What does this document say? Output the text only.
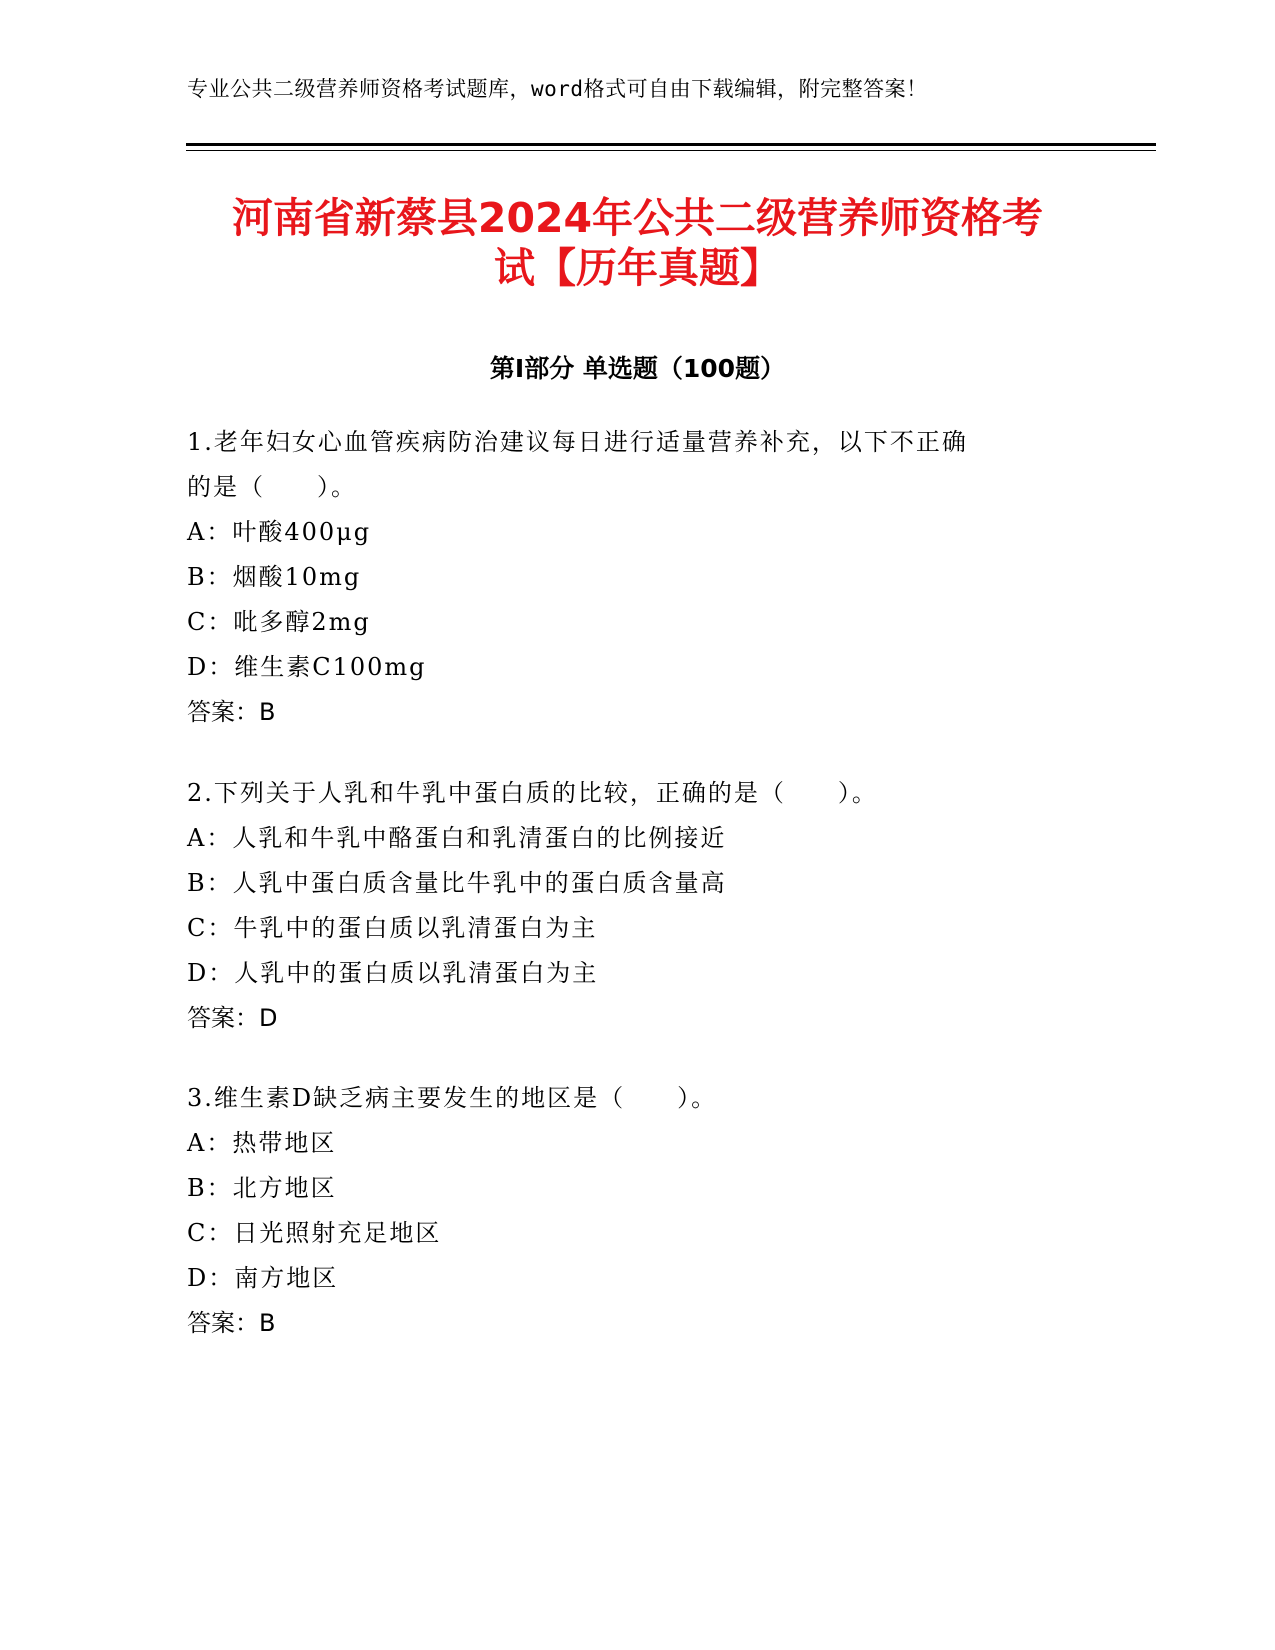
专业公共二级营养师资格考试题库，word格式可自由下载编辑，附完整答案！
河南省新蔡县2024年公共二级营养师资格考
试【历年真题】
第Ⅰ部分 单选题（100题）
1.老年妇女心血管疾病防治建议每日进行适量营养补充，以下不正确
的是（　　）。
A：叶酸400μg
B：烟酸10mg
C：吡多醇2mg
D：维生素C100mg
答案：B
2.下列关于人乳和牛乳中蛋白质的比较，正确的是（　　）。
A：人乳和牛乳中酪蛋白和乳清蛋白的比例接近
B：人乳中蛋白质含量比牛乳中的蛋白质含量高
C：牛乳中的蛋白质以乳清蛋白为主
D：人乳中的蛋白质以乳清蛋白为主
答案：D
3.维生素D缺乏病主要发生的地区是（　　）。
A：热带地区
B：北方地区
C：日光照射充足地区
D：南方地区
答案：B
